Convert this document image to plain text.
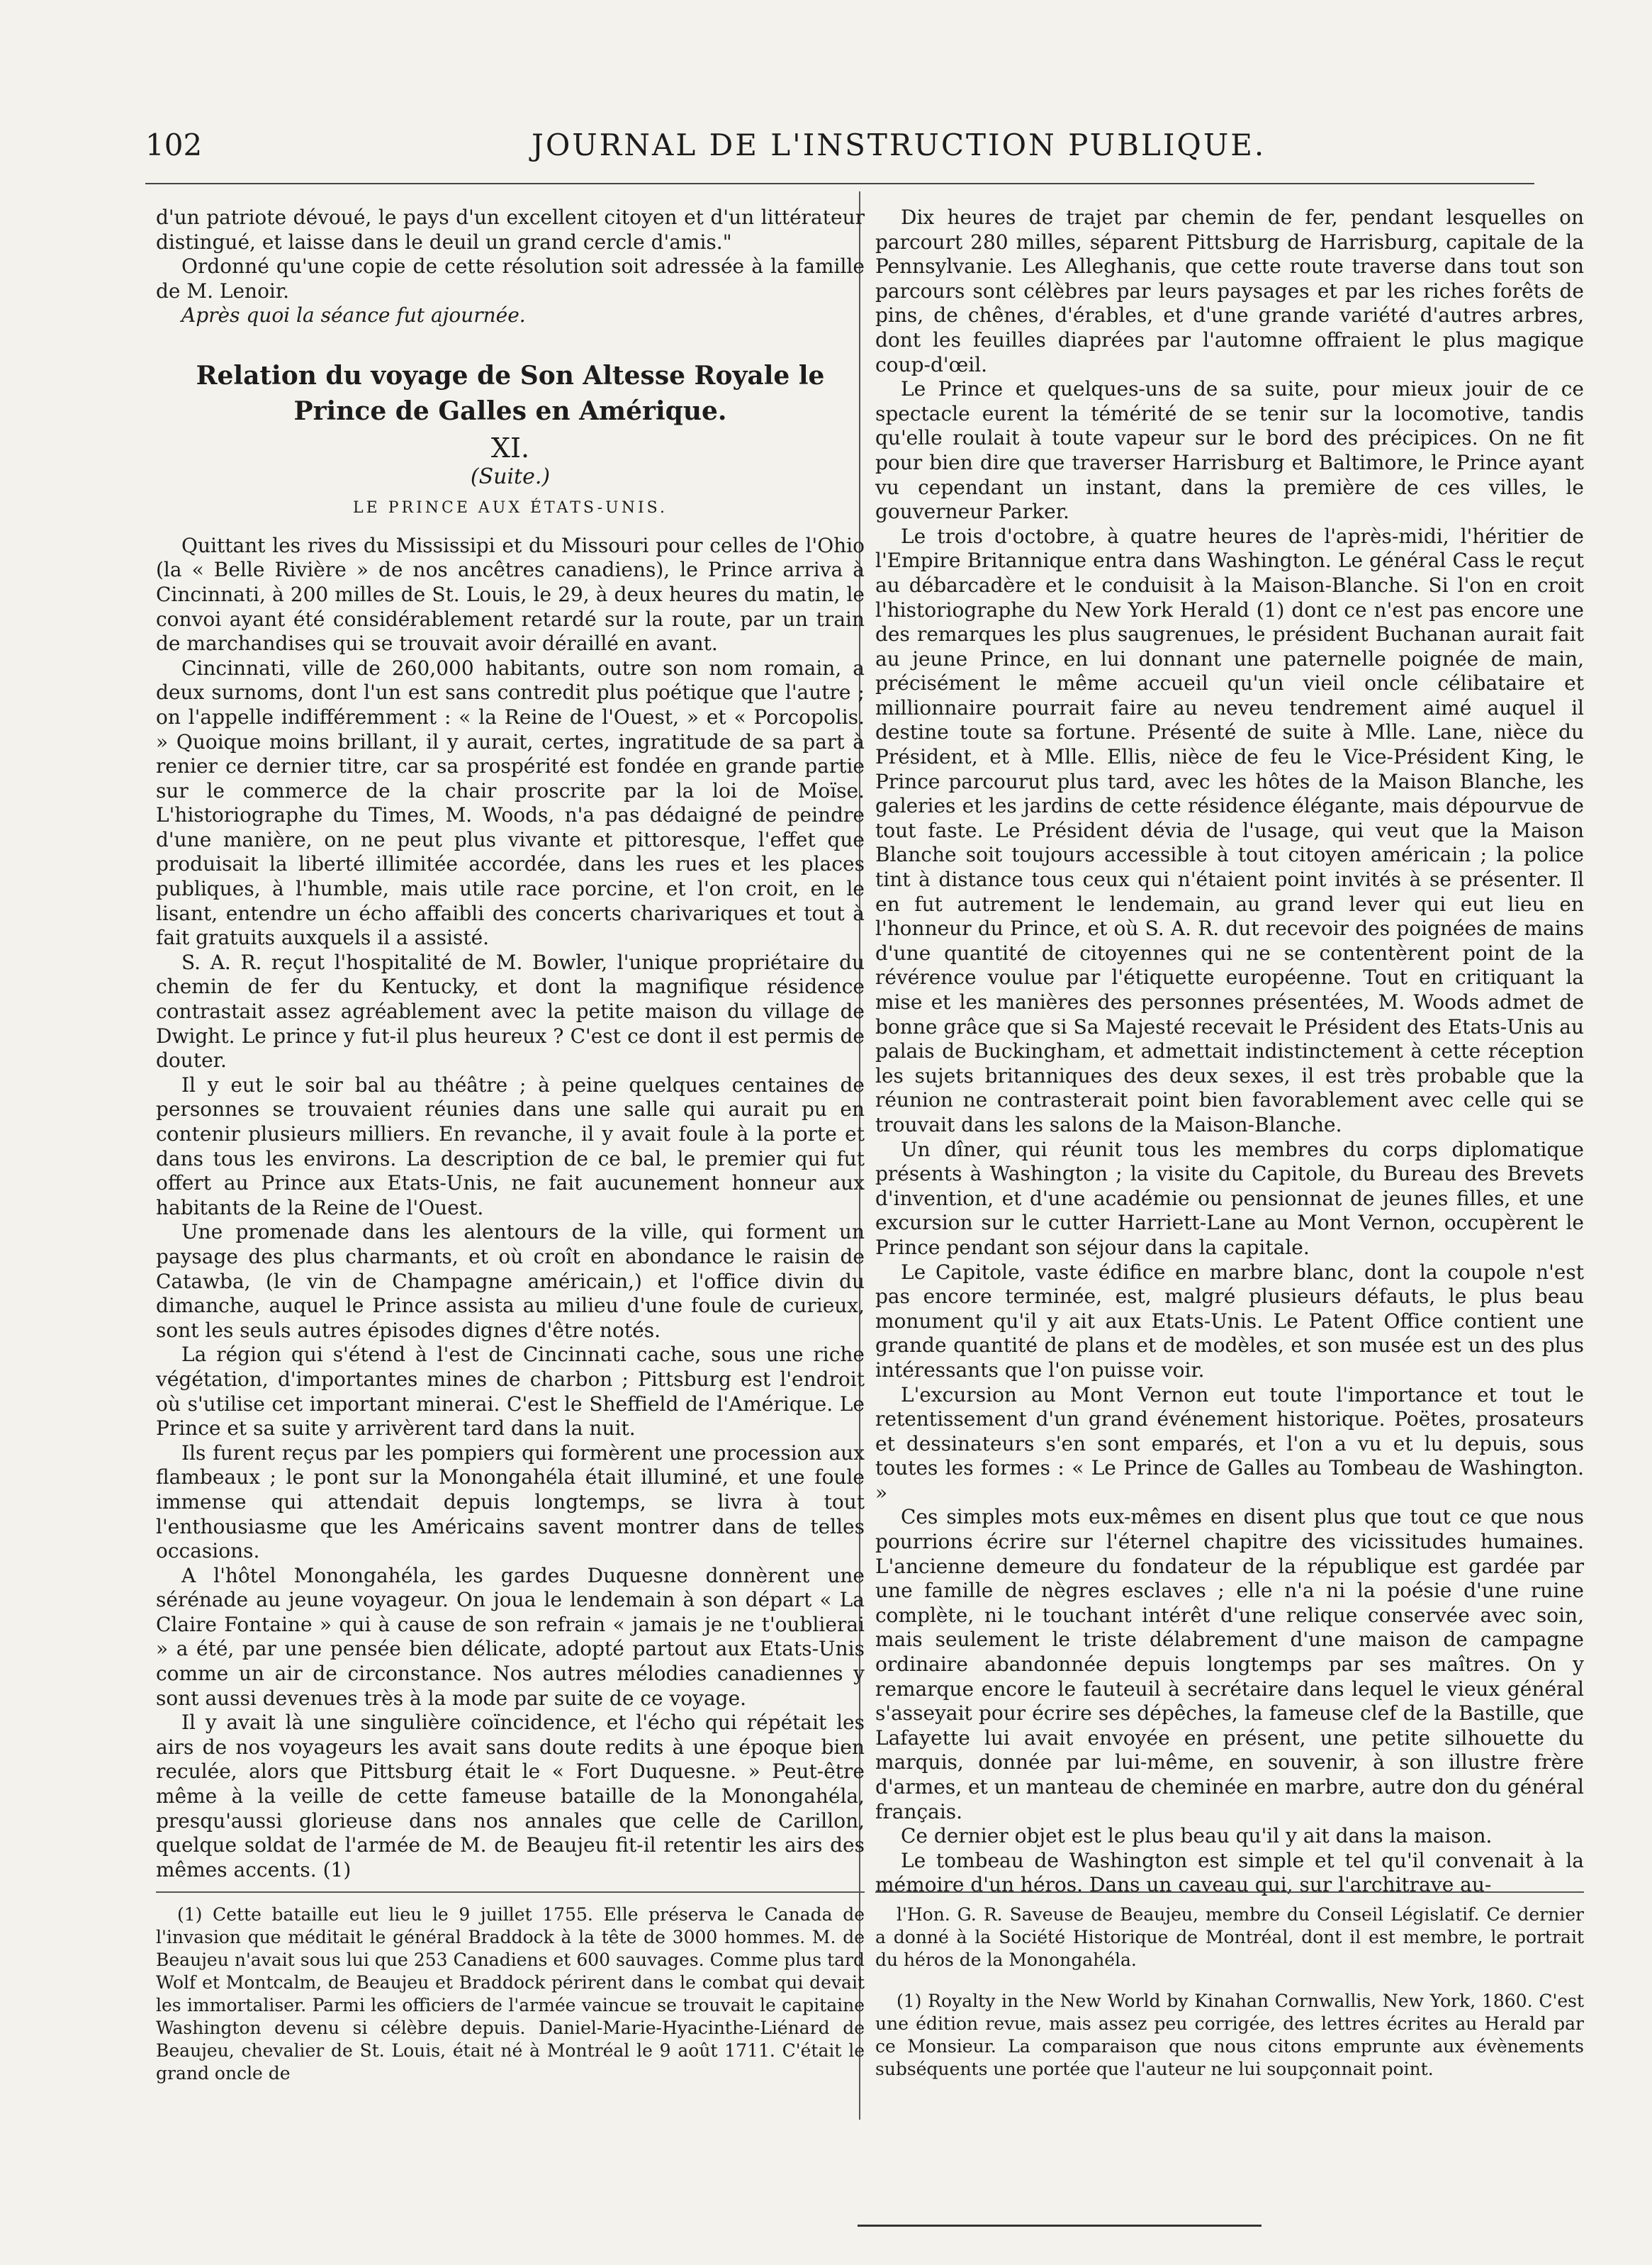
102	JOURNAL DE L'INSTRUCTION PUBLIQUE.

d'un patriote dévoué, le pays d'un excellent citoyen et d'un littérateur distingué, et laisse dans le deuil un grand cercle d'amis."

Ordonné qu'une copie de cette résolution soit adressée à la famille de M. Lenoir.

Après quoi la séance fut ajournée.

Relation du voyage de Son Altesse Royale le
Prince de Galles en Amérique.
XI.
(Suite.)
LE PRINCE AUX ÉTATS-UNIS.

Quittant les rives du Mississipi et du Missouri pour celles de l'Ohio (la « Belle Rivière » de nos ancêtres canadiens), le Prince arriva à Cincinnati, à 200 milles de St. Louis, le 29, à deux heures du matin, le convoi ayant été considérablement retardé sur la route, par un train de marchandises qui se trouvait avoir déraillé en avant.

Cincinnati, ville de 260,000 habitants, outre son nom romain, a deux surnoms, dont l'un est sans contredit plus poétique que l'autre ; on l'appelle indifféremment : « la Reine de l'Ouest, » et « Porcopolis. » Quoique moins brillant, il y aurait, certes, ingratitude de sa part à renier ce dernier titre, car sa prospérité est fondée en grande partie sur le commerce de la chair proscrite par la loi de Moïse. L'historiographe du Times, M. Woods, n'a pas dédaigné de peindre d'une manière, on ne peut plus vivante et pittoresque, l'effet que produisait la liberté illimitée accordée, dans les rues et les places publiques, à l'humble, mais utile race porcine, et l'on croit, en le lisant, entendre un écho affaibli des concerts charivariques et tout à fait gratuits auxquels il a assisté.

S. A. R. reçut l'hospitalité de M. Bowler, l'unique propriétaire du chemin de fer du Kentucky, et dont la magnifique résidence contrastait assez agréablement avec la petite maison du village de Dwight. Le prince y fut-il plus heureux ? C'est ce dont il est permis de douter.

Il y eut le soir bal au théâtre ; à peine quelques centaines de personnes se trouvaient réunies dans une salle qui aurait pu en contenir plusieurs milliers. En revanche, il y avait foule à la porte et dans tous les environs. La description de ce bal, le premier qui fut offert au Prince aux Etats-Unis, ne fait aucunement honneur aux habitants de la Reine de l'Ouest.

Une promenade dans les alentours de la ville, qui forment un paysage des plus charmants, et où croît en abondance le raisin de Catawba, (le vin de Champagne américain,) et l'office divin du dimanche, auquel le Prince assista au milieu d'une foule de curieux, sont les seuls autres épisodes dignes d'être notés.

La région qui s'étend à l'est de Cincinnati cache, sous une riche végétation, d'importantes mines de charbon ; Pittsburg est l'endroit où s'utilise cet important minerai. C'est le Sheffield de l'Amérique. Le Prince et sa suite y arrivèrent tard dans la nuit.

Ils furent reçus par les pompiers qui formèrent une procession aux flambeaux ; le pont sur la Monongahéla était illuminé, et une foule immense qui attendait depuis longtemps, se livra à tout l'enthousiasme que les Américains savent montrer dans de telles occasions.

A l'hôtel Monongahéla, les gardes Duquesne donnèrent une sérénade au jeune voyageur. On joua le lendemain à son départ « La Claire Fontaine » qui à cause de son refrain « jamais je ne t'oublierai » a été, par une pensée bien délicate, adopté partout aux Etats-Unis comme un air de circonstance. Nos autres mélodies canadiennes y sont aussi devenues très à la mode par suite de ce voyage.

Il y avait là une singulière coïncidence, et l'écho qui répétait les airs de nos voyageurs les avait sans doute redits à une époque bien reculée, alors que Pittsburg était le « Fort Duquesne. » Peut-être même à la veille de cette fameuse bataille de la Monongahéla, presqu'aussi glorieuse dans nos annales que celle de Carillon, quelque soldat de l'armée de M. de Beaujeu fit-il retentir les airs des mêmes accents. (1)

Dix heures de trajet par chemin de fer, pendant lesquelles on parcourt 280 milles, séparent Pittsburg de Harrisburg, capitale de la Pennsylvanie. Les Alleghanis, que cette route traverse dans tout son parcours sont célèbres par leurs paysages et par les riches forêts de pins, de chênes, d'érables, et d'une grande variété d'autres arbres, dont les feuilles diaprées par l'automne offraient le plus magique coup-d'œil.

Le Prince et quelques-uns de sa suite, pour mieux jouir de ce spectacle eurent la témérité de se tenir sur la locomotive, tandis qu'elle roulait à toute vapeur sur le bord des précipices. On ne fit pour bien dire que traverser Harrisburg et Baltimore, le Prince ayant vu cependant un instant, dans la première de ces villes, le gouverneur Parker.

Le trois d'octobre, à quatre heures de l'après-midi, l'héritier de l'Empire Britannique entra dans Washington. Le général Cass le reçut au débarcadère et le conduisit à la Maison-Blanche. Si l'on en croit l'historiographe du New York Herald (1) dont ce n'est pas encore une des remarques les plus saugrenues, le président Buchanan aurait fait au jeune Prince, en lui donnant une paternelle poignée de main, précisément le même accueil qu'un vieil oncle célibataire et millionnaire pourrait faire au neveu tendrement aimé auquel il destine toute sa fortune. Présenté de suite à Mlle. Lane, nièce du Président, et à Mlle. Ellis, nièce de feu le Vice-Président King, le Prince parcourut plus tard, avec les hôtes de la Maison Blanche, les galeries et les jardins de cette résidence élégante, mais dépourvue de tout faste. Le Président dévia de l'usage, qui veut que la Maison Blanche soit toujours accessible à tout citoyen américain ; la police tint à distance tous ceux qui n'étaient point invités à se présenter. Il en fut autrement le lendemain, au grand lever qui eut lieu en l'honneur du Prince, et où S. A. R. dut recevoir des poignées de mains d'une quantité de citoyennes qui ne se contentèrent point de la révérence voulue par l'étiquette européenne. Tout en critiquant la mise et les manières des personnes présentées, M. Woods admet de bonne grâce que si Sa Majesté recevait le Président des Etats-Unis au palais de Buckingham, et admettait indistinctement à cette réception les sujets britanniques des deux sexes, il est très probable que la réunion ne contrasterait point bien favorablement avec celle qui se trouvait dans les salons de la Maison-Blanche.

Un dîner, qui réunit tous les membres du corps diplomatique présents à Washington ; la visite du Capitole, du Bureau des Brevets d'invention, et d'une académie ou pensionnat de jeunes filles, et une excursion sur le cutter Harriett-Lane au Mont Vernon, occupèrent le Prince pendant son séjour dans la capitale.

Le Capitole, vaste édifice en marbre blanc, dont la coupole n'est pas encore terminée, est, malgré plusieurs défauts, le plus beau monument qu'il y ait aux Etats-Unis. Le Patent Office contient une grande quantité de plans et de modèles, et son musée est un des plus intéressants que l'on puisse voir.

L'excursion au Mont Vernon eut toute l'importance et tout le retentissement d'un grand événement historique. Poëtes, prosateurs et dessinateurs s'en sont emparés, et l'on a vu et lu depuis, sous toutes les formes : « Le Prince de Galles au Tombeau de Washington. »

Ces simples mots eux-mêmes en disent plus que tout ce que nous pourrions écrire sur l'éternel chapitre des vicissitudes humaines. L'ancienne demeure du fondateur de la république est gardée par une famille de nègres esclaves ; elle n'a ni la poésie d'une ruine complète, ni le touchant intérêt d'une relique conservée avec soin, mais seulement le triste délabrement d'une maison de campagne ordinaire abandonnée depuis longtemps par ses maîtres. On y remarque encore le fauteuil à secrétaire dans lequel le vieux général s'asseyait pour écrire ses dépêches, la fameuse clef de la Bastille, que Lafayette lui avait envoyée en présent, une petite silhouette du marquis, donnée par lui-même, en souvenir, à son illustre frère d'armes, et un manteau de cheminée en marbre, autre don du général français.

Ce dernier objet est le plus beau qu'il y ait dans la maison.

Le tombeau de Washington est simple et tel qu'il convenait à la mémoire d'un héros. Dans un caveau qui, sur l'architrave au-

(1) Cette bataille eut lieu le 9 juillet 1755. Elle préserva le Canada de l'invasion que méditait le général Braddock à la tête de 3000 hommes. M. de Beaujeu n'avait sous lui que 253 Canadiens et 600 sauvages. Comme plus tard Wolf et Montcalm, de Beaujeu et Braddock périrent dans le combat qui devait les immortaliser. Parmi les officiers de l'armée vaincue se trouvait le capitaine Washington devenu si célèbre depuis. Daniel-Marie-Hyacinthe-Liénard de Beaujeu, chevalier de St. Louis, était né à Montréal le 9 août 1711. C'était le grand oncle de

l'Hon. G. R. Saveuse de Beaujeu, membre du Conseil Législatif. Ce dernier a donné à la Société Historique de Montréal, dont il est membre, le portrait du héros de la Monongahéla.

(1) Royalty in the New World by Kinahan Cornwallis, New York, 1860. C'est une édition revue, mais assez peu corrigée, des lettres écrites au Herald par ce Monsieur. La comparaison que nous citons emprunte aux évènements subséquents une portée que l'auteur ne lui soupçonnait point.
